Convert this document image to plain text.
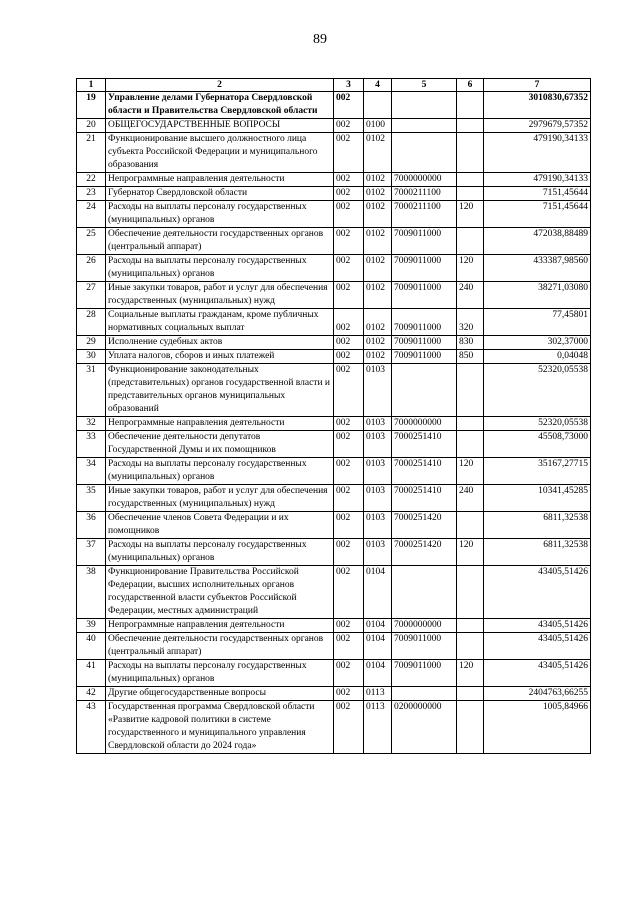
89
1	2	3	4	5	6	7
19	Управление делами Губернатора Свердловской области и Правительства Свердловской области	002				3010830,67352
20	ОБЩЕГОСУДАРСТВЕННЫЕ ВОПРОСЫ	002	0100			2979679,57352
21	Функционирование высшего должностного лица субъекта Российской Федерации и муниципального образования	002	0102			479190,34133
22	Непрограммные направления деятельности	002	0102	7000000000		479190,34133
23	Губернатор Свердловской области	002	0102	7000211100		7151,45644
24	Расходы на выплаты персоналу государственных (муниципальных) органов	002	0102	7000211100	120	7151,45644
25	Обеспечение деятельности государственных органов (центральный аппарат)	002	0102	7009011000		472038,88489
26	Расходы на выплаты персоналу государственных (муниципальных) органов	002	0102	7009011000	120	433387,98560
27	Иные закупки товаров, работ и услуг для обеспечения государственных (муниципальных) нужд	002	0102	7009011000	240	38271,03080
28	Социальные выплаты гражданам, кроме публичных нормативных социальных выплат	002	0102	7009011000	320	77,45801
29	Исполнение судебных актов	002	0102	7009011000	830	302,37000
30	Уплата налогов, сборов и иных платежей	002	0102	7009011000	850	0,04048
31	Функционирование законодательных (представительных) органов государственной власти и представительных органов муниципальных образований	002	0103			52320,05538
32	Непрограммные направления деятельности	002	0103	7000000000		52320,05538
33	Обеспечение деятельности депутатов Государственной Думы и их помощников	002	0103	7000251410		45508,73000
34	Расходы на выплаты персоналу государственных (муниципальных) органов	002	0103	7000251410	120	35167,27715
35	Иные закупки товаров, работ и услуг для обеспечения государственных (муниципальных) нужд	002	0103	7000251410	240	10341,45285
36	Обеспечение членов Совета Федерации и их помощников	002	0103	7000251420		6811,32538
37	Расходы на выплаты персоналу государственных (муниципальных) органов	002	0103	7000251420	120	6811,32538
38	Функционирование Правительства Российской Федерации, высших исполнительных органов государственной власти субъектов Российской Федерации, местных администраций	002	0104			43405,51426
39	Непрограммные направления деятельности	002	0104	7000000000		43405,51426
40	Обеспечение деятельности государственных органов (центральный аппарат)	002	0104	7009011000		43405,51426
41	Расходы на выплаты персоналу государственных (муниципальных) органов	002	0104	7009011000	120	43405,51426
42	Другие общегосударственные вопросы	002	0113			2404763,66255
43	Государственная программа Свердловской области «Развитие кадровой политики в системе государственного и муниципального управления Свердловской области до 2024 года»	002	0113	0200000000		1005,84966
